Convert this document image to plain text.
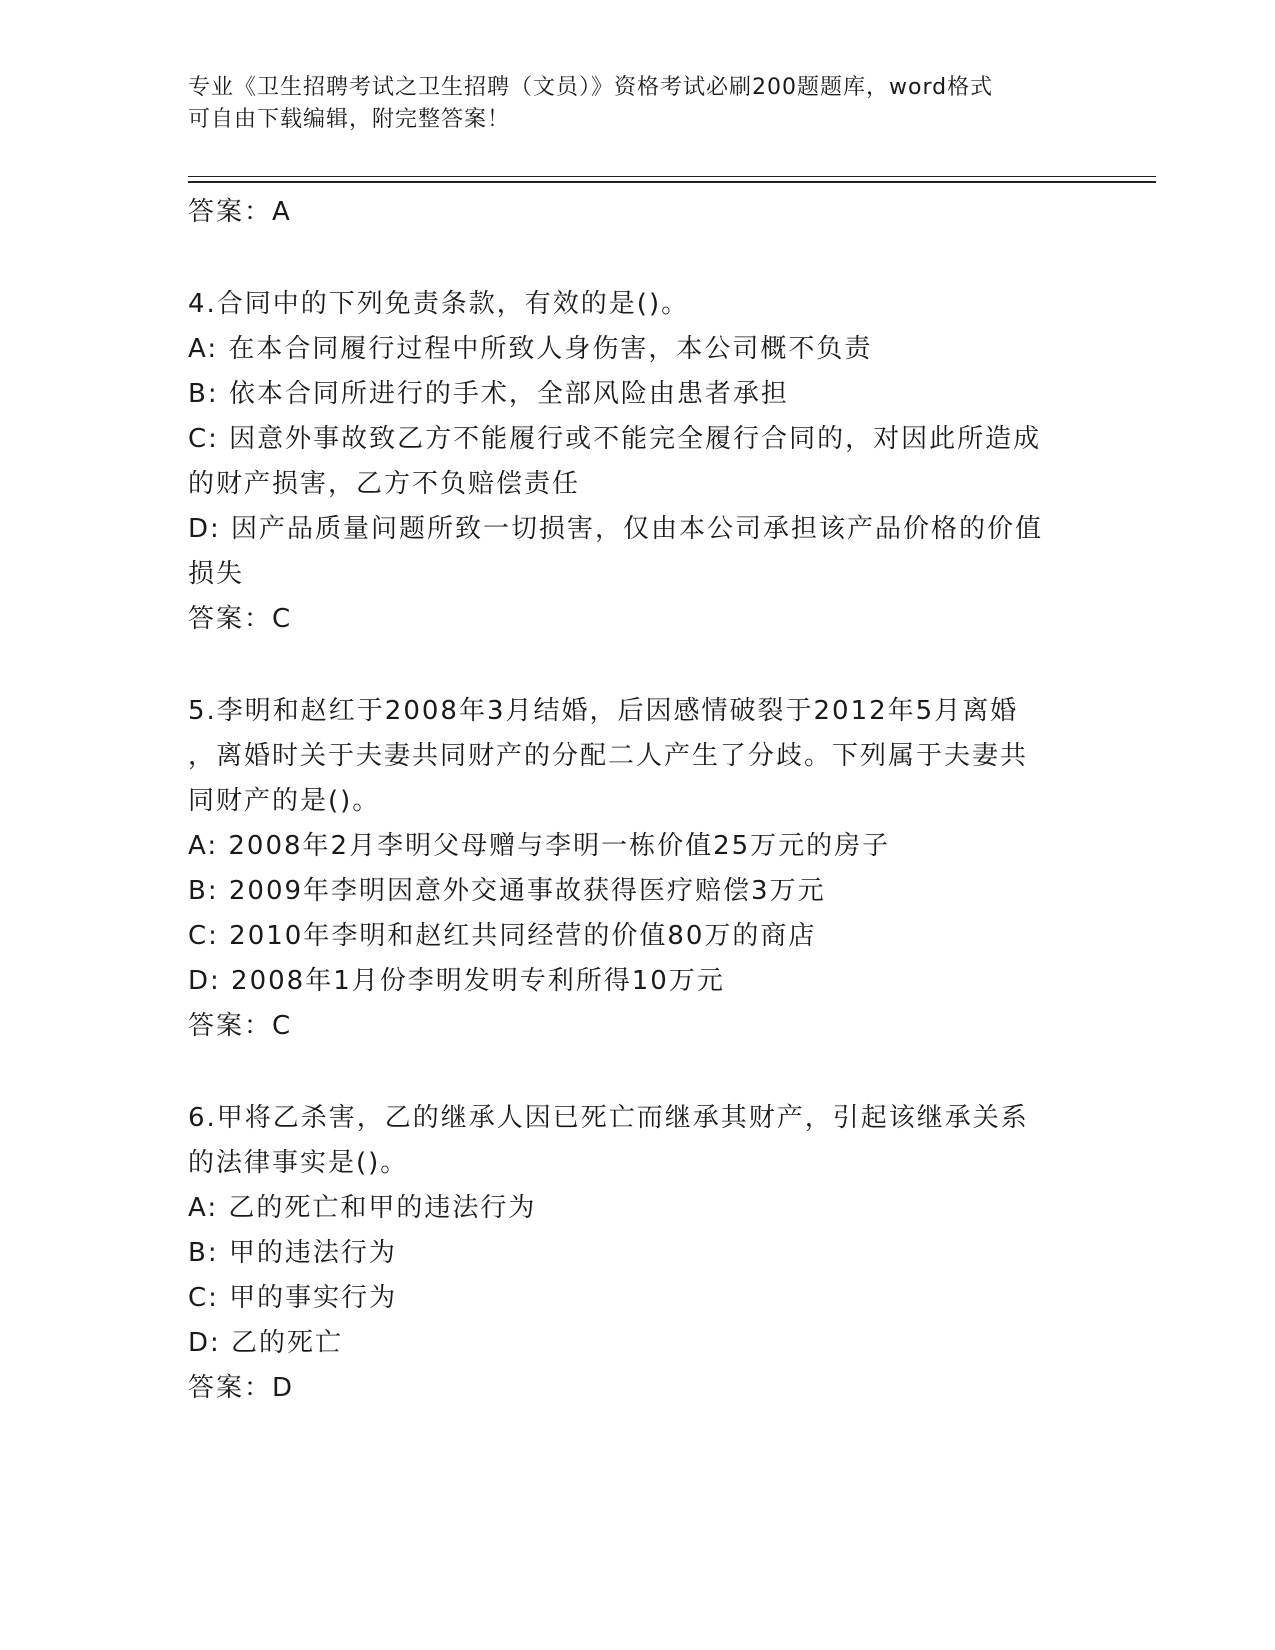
专业《卫生招聘考试之卫生招聘（文员）》资格考试必刷200题题库，word格式
可自由下载编辑，附完整答案！
答案：A
4.合同中的下列免责条款，有效的是()。
A: 在本合同履行过程中所致人身伤害，本公司概不负责
B: 依本合同所进行的手术，全部风险由患者承担
C: 因意外事故致乙方不能履行或不能完全履行合同的，对因此所造成
的财产损害，乙方不负赔偿责任
D: 因产品质量问题所致一切损害，仅由本公司承担该产品价格的价值
损失
答案：C
5.李明和赵红于2008年3月结婚，后因感情破裂于2012年5月离婚
，离婚时关于夫妻共同财产的分配二人产生了分歧。下列属于夫妻共
同财产的是()。
A: 2008年2月李明父母赠与李明一栋价值25万元的房子
B: 2009年李明因意外交通事故获得医疗赔偿3万元
C: 2010年李明和赵红共同经营的价值80万的商店
D: 2008年1月份李明发明专利所得10万元
答案：C
6.甲将乙杀害，乙的继承人因已死亡而继承其财产，引起该继承关系
的法律事实是()。
A: 乙的死亡和甲的违法行为
B: 甲的违法行为
C: 甲的事实行为
D: 乙的死亡
答案：D
